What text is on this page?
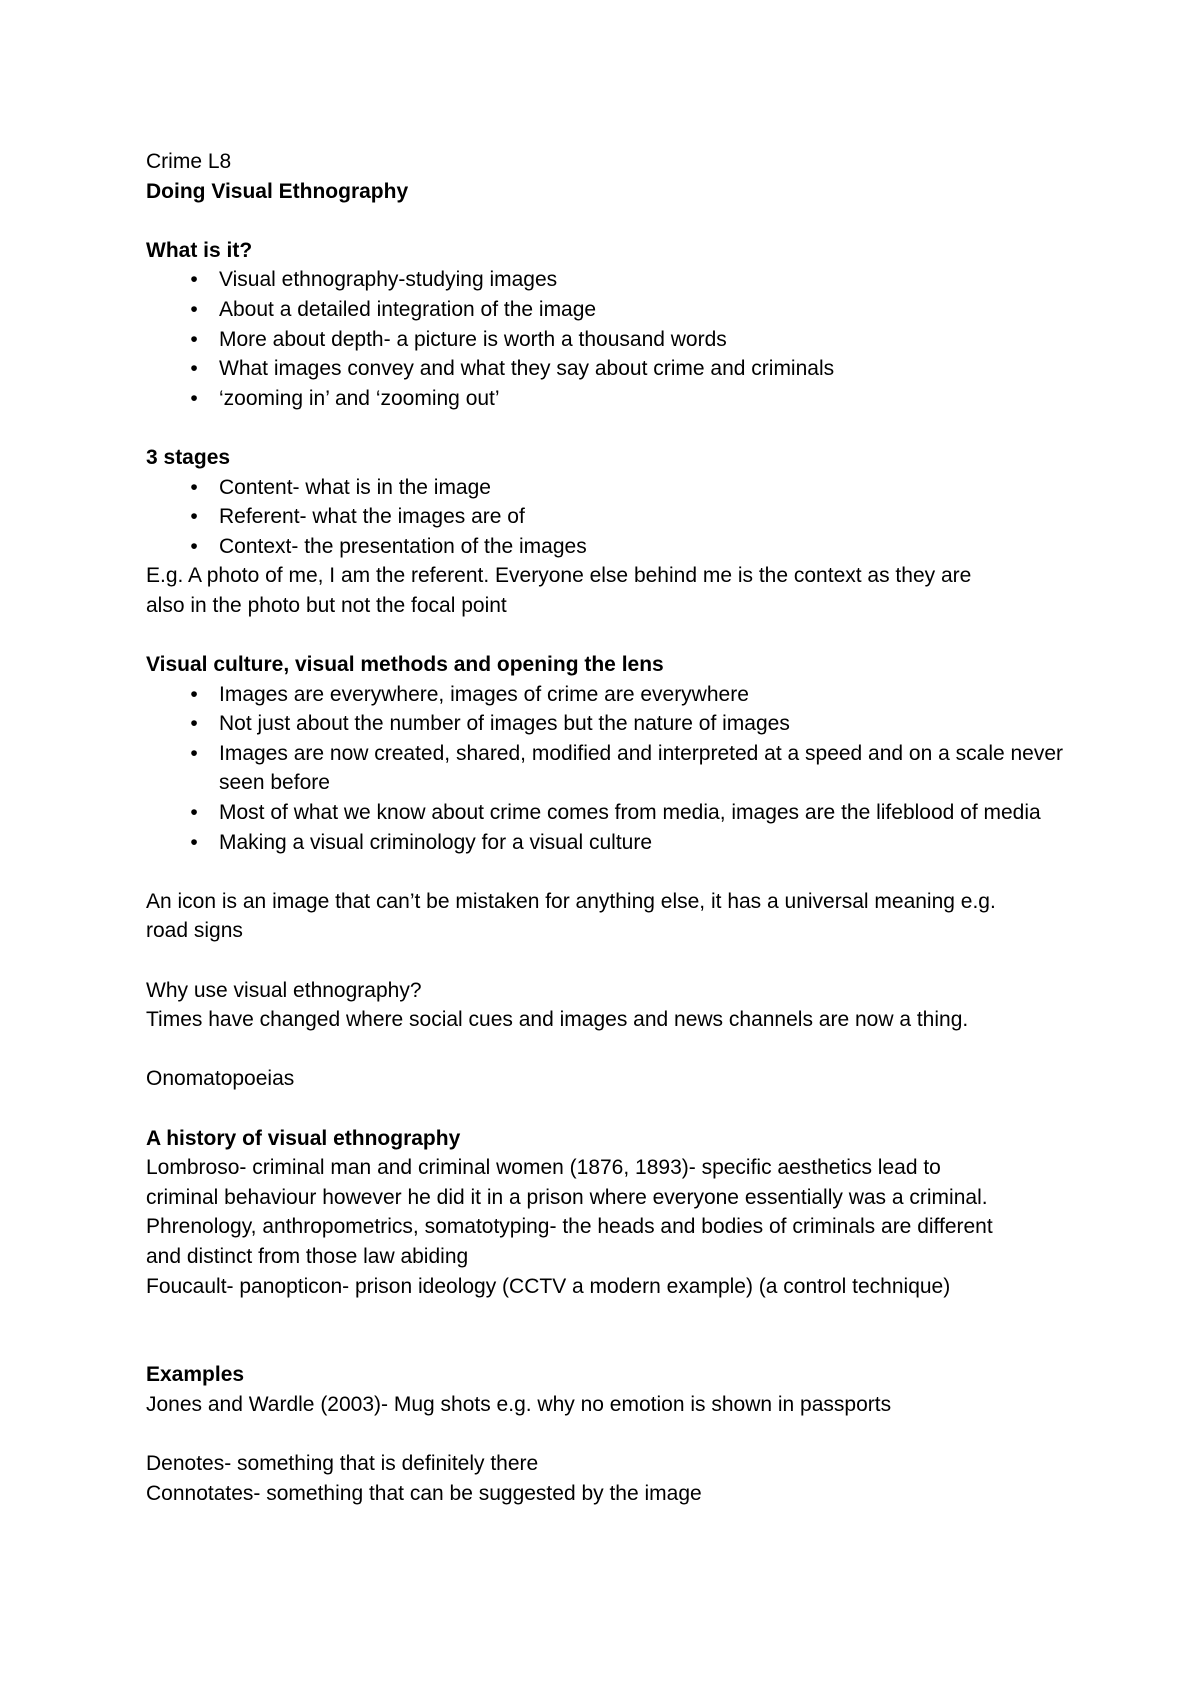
Crime L8

Doing Visual Ethnography

What is it?

• Visual ethnography-studying images
• About a detailed integration of the image
• More about depth- a picture is worth a thousand words
• What images convey and what they say about crime and criminals
• ‘zooming in’ and ‘zooming out’

3 stages

• Content- what is in the image
• Referent- what the images are of
• Context- the presentation of the images

E.g. A photo of me, I am the referent. Everyone else behind me is the context as they are

also in the photo but not the focal point

Visual culture, visual methods and opening the lens

• Images are everywhere, images of crime are everywhere
• Not just about the number of images but the nature of images
• Images are now created, shared, modified and interpreted at a speed and on a scale never seen before
• Most of what we know about crime comes from media, images are the lifeblood of media
• Making a visual criminology for a visual culture

An icon is an image that can’t be mistaken for anything else, it has a universal meaning e.g.

road signs

Why use visual ethnography?

Times have changed where social cues and images and news channels are now a thing.

Onomatopoeias

A history of visual ethnography

Lombroso- criminal man and criminal women (1876, 1893)- specific aesthetics lead to

criminal behaviour however he did it in a prison where everyone essentially was a criminal.

Phrenology, anthropometrics, somatotyping- the heads and bodies of criminals are different

and distinct from those law abiding

Foucault- panopticon- prison ideology (CCTV a modern example) (a control technique)

Examples

Jones and Wardle (2003)- Mug shots e.g. why no emotion is shown in passports

Denotes- something that is definitely there

Connotates- something that can be suggested by the image
